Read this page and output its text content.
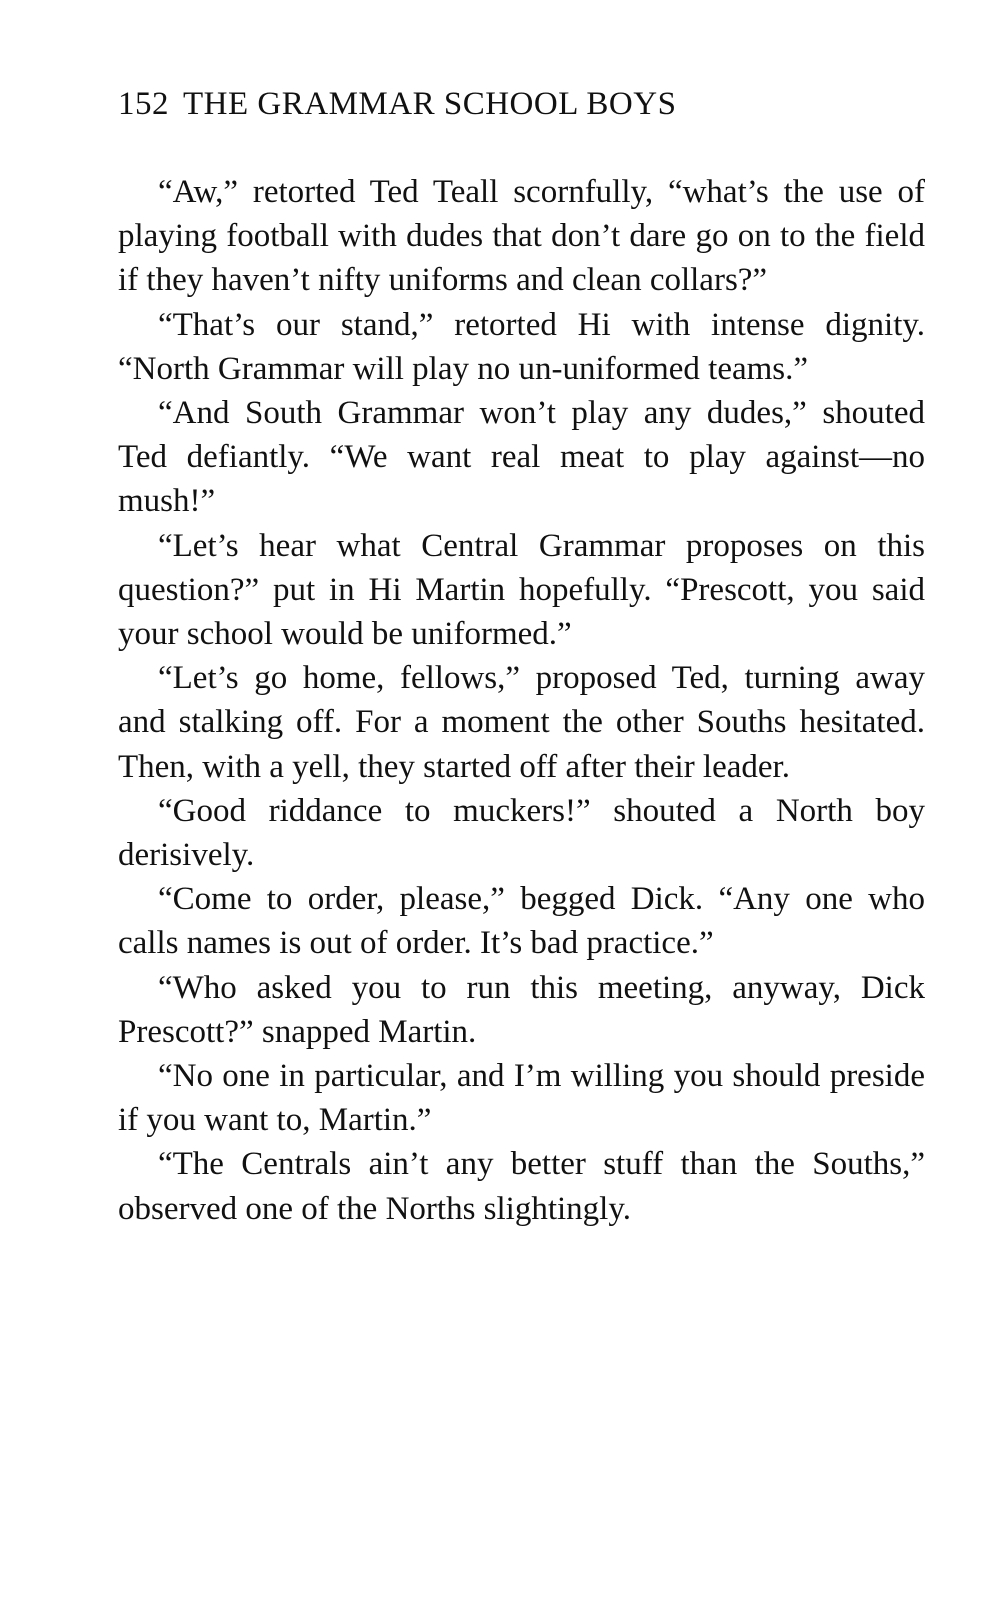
152 THE GRAMMAR SCHOOL BOYS

“Aw,” retorted Ted Teall scornfully, “what’s the use of playing football with dudes that don’t dare go on to the field if they haven’t nifty uniforms and clean collars?”

“That’s our stand,” retorted Hi with intense dignity. “North Grammar will play no un-uniformed teams.”

“And South Grammar won’t play any dudes,” shouted Ted defiantly. “We want real meat to play against—no mush!”

“Let’s hear what Central Grammar proposes on this question?” put in Hi Martin hopefully. “Prescott, you said your school would be uniformed.”

“Let’s go home, fellows,” proposed Ted, turning away and stalking off. For a moment the other Souths hesitated. Then, with a yell, they started off after their leader.

“Good riddance to muckers!” shouted a North boy derisively.

“Come to order, please,” begged Dick. “Any one who calls names is out of order. It’s bad practice.”

“Who asked you to run this meeting, anyway, Dick Prescott?” snapped Martin.

“No one in particular, and I’m willing you should preside if you want to, Martin.”

“The Centrals ain’t any better stuff than the Souths,” observed one of the Norths slightingly.
